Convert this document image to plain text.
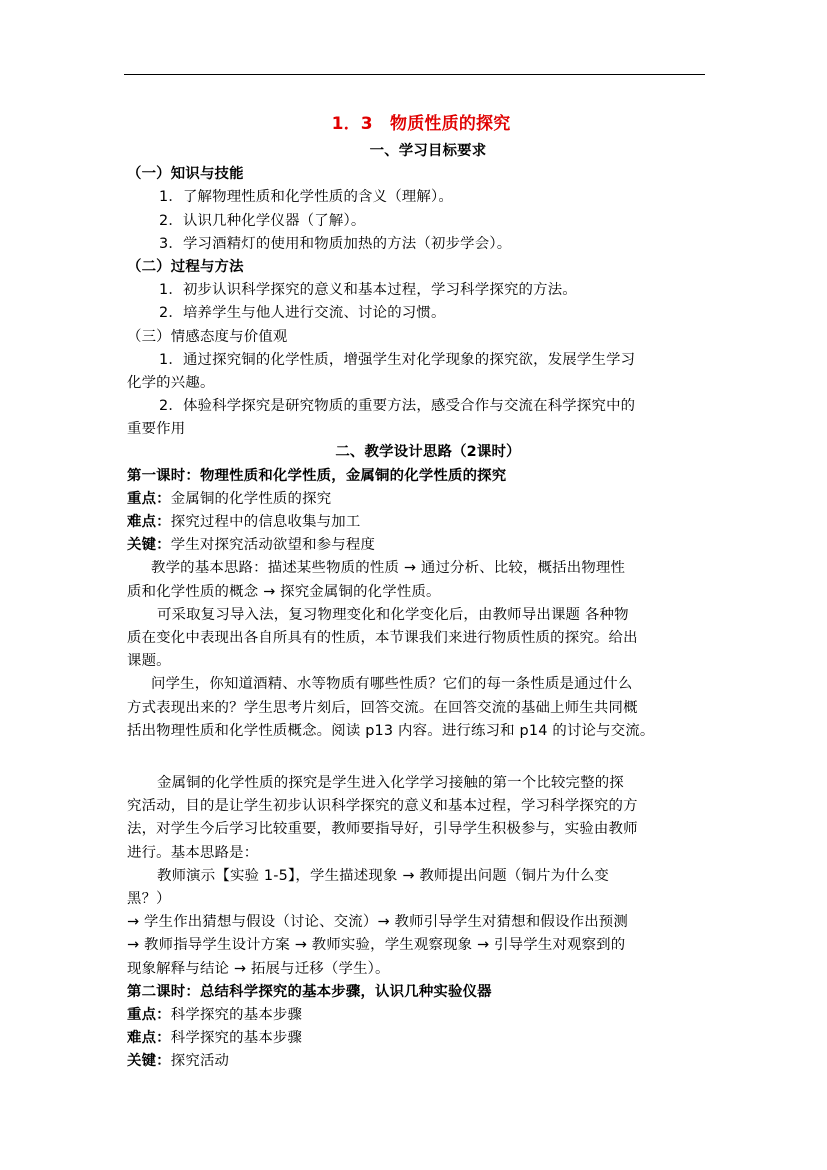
1．3　物质性质的探究
一、学习目标要求
（一）知识与技能
1．了解物理性质和化学性质的含义（理解）。
2．认识几种化学仪器（了解）。
3．学习酒精灯的使用和物质加热的方法（初步学会）。
（二）过程与方法
1．初步认识科学探究的意义和基本过程，学习科学探究的方法。
2．培养学生与他人进行交流、讨论的习惯。
（三）情感态度与价值观
1．通过探究铜的化学性质，增强学生对化学现象的探究欲，发展学生学习
化学的兴趣。
2．体验科学探究是研究物质的重要方法，感受合作与交流在科学探究中的
重要作用
二、教学设计思路（2课时）
第一课时：物理性质和化学性质，金属铜的化学性质的探究
重点：金属铜的化学性质的探究
难点：探究过程中的信息收集与加工
关键：学生对探究活动欲望和参与程度
教学的基本思路：描述某些物质的性质 → 通过分析、比较，概括出物理性
质和化学性质的概念 → 探究金属铜的化学性质。
可采取复习导入法，复习物理变化和化学变化后，由教师导出课题 各种物
质在变化中表现出各自所具有的性质，本节课我们来进行物质性质的探究。给出
课题。
问学生，你知道酒精、水等物质有哪些性质？它们的每一条性质是通过什么
方式表现出来的？学生思考片刻后，回答交流。在回答交流的基础上师生共同概
括出物理性质和化学性质概念。阅读 p13 内容。进行练习和 p14 的讨论与交流。
金属铜的化学性质的探究是学生进入化学学习接触的第一个比较完整的探
究活动，目的是让学生初步认识科学探究的意义和基本过程，学习科学探究的方
法，对学生今后学习比较重要，教师要指导好，引导学生积极参与，实验由教师
进行。基本思路是：
教师演示【实验 1-5】，学生描述现象 → 教师提出问题（铜片为什么变
黑？）
→ 学生作出猜想与假设（讨论、交流）→ 教师引导学生对猜想和假设作出预测
→ 教师指导学生设计方案 → 教师实验，学生观察现象 → 引导学生对观察到的
现象解释与结论 → 拓展与迁移（学生）。
第二课时：总结科学探究的基本步骤，认识几种实验仪器
重点：科学探究的基本步骤
难点：科学探究的基本步骤
关键：探究活动
